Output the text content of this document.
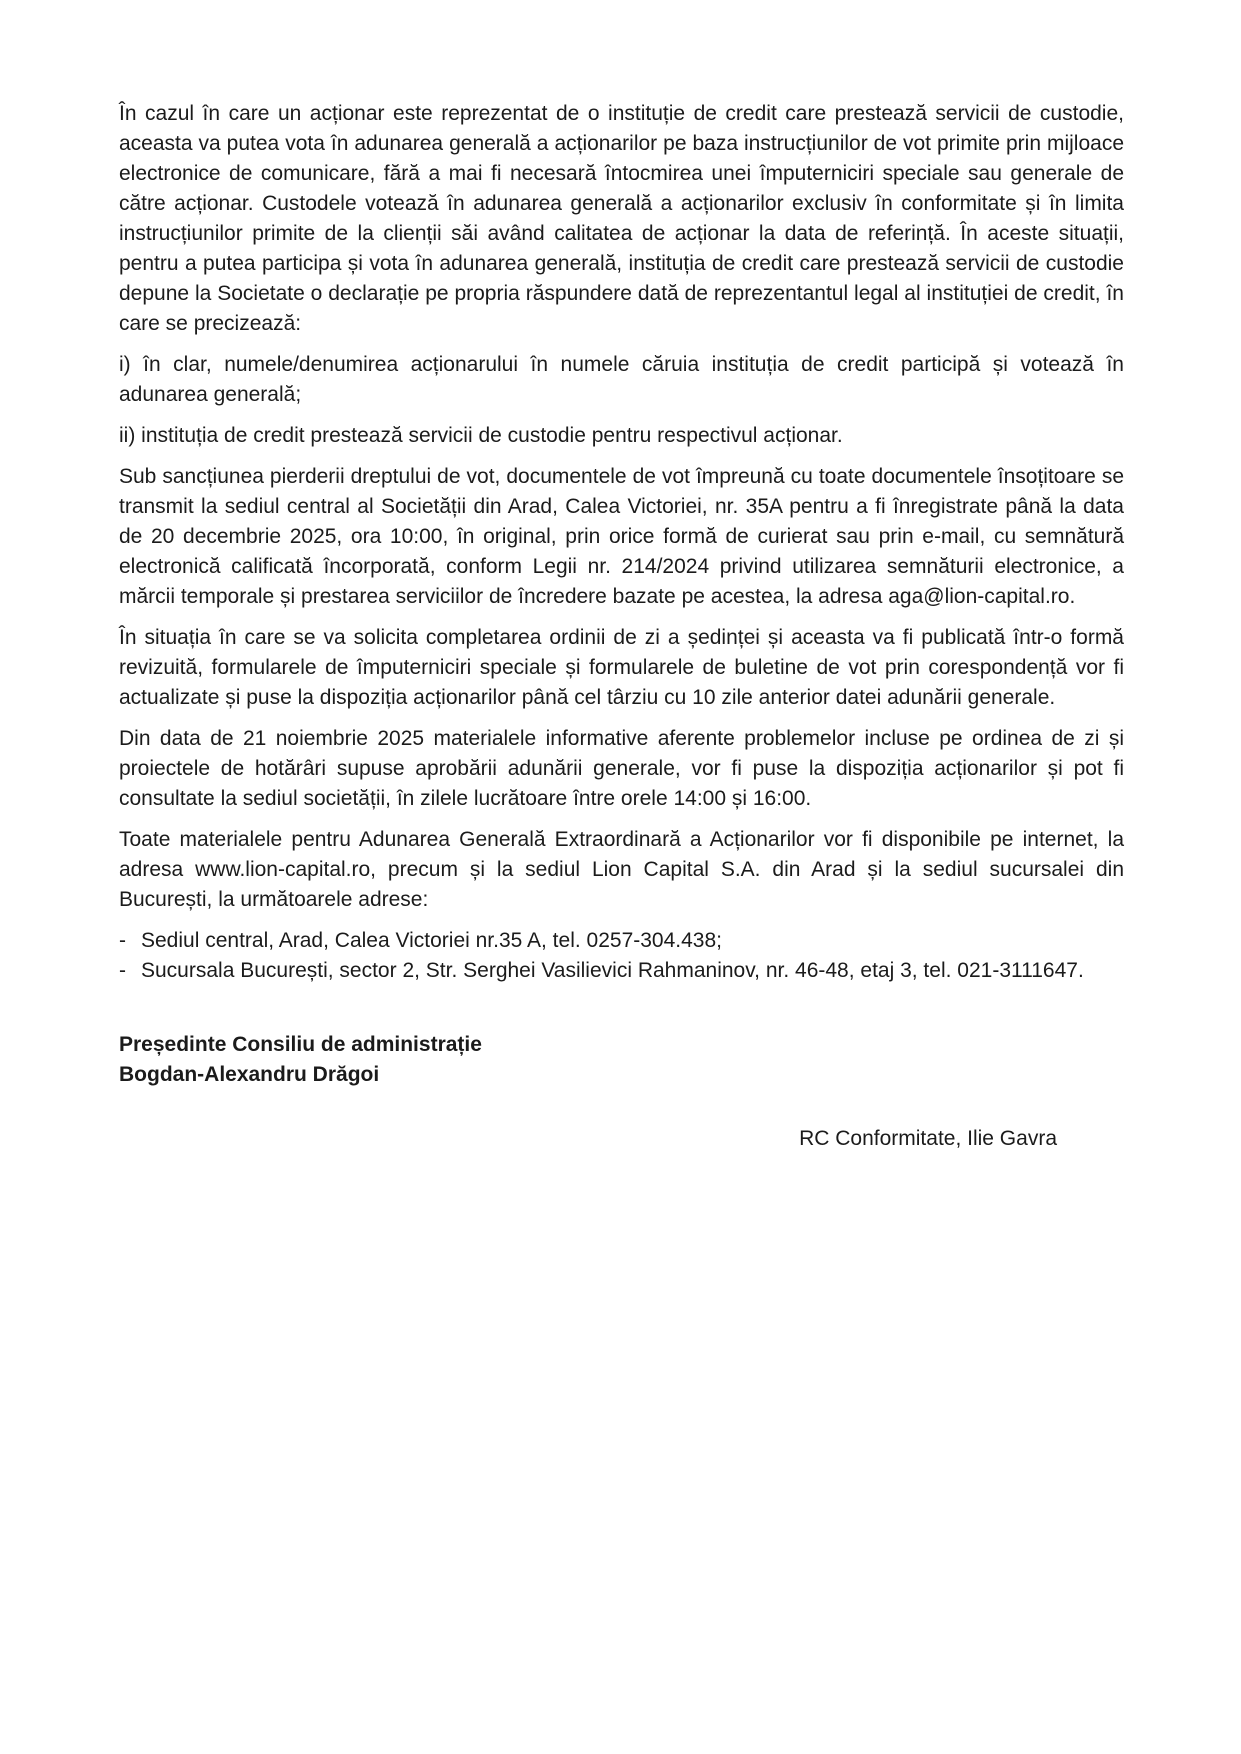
În cazul în care un acționar este reprezentat de o instituție de credit care prestează servicii de custodie, aceasta va putea vota în adunarea generală a acționarilor pe baza instrucțiunilor de vot primite prin mijloace electronice de comunicare, fără a mai fi necesară întocmirea unei împuterniciri speciale sau generale de către acționar. Custodele votează în adunarea generală a acționarilor exclusiv în conformitate și în limita instrucțiunilor primite de la clienții săi având calitatea de acționar la data de referință. În aceste situații, pentru a putea participa și vota în adunarea generală, instituția de credit care prestează servicii de custodie depune la Societate o declarație pe propria răspundere dată de reprezentantul legal al instituției de credit, în care se precizează:

i) în clar, numele/denumirea acționarului în numele căruia instituția de credit participă și votează în adunarea generală;

ii) instituția de credit prestează servicii de custodie pentru respectivul acționar.

Sub sancțiunea pierderii dreptului de vot, documentele de vot împreună cu toate documentele însoțitoare se transmit la sediul central al Societății din Arad, Calea Victoriei, nr. 35A pentru a fi înregistrate până la data de 20 decembrie 2025, ora 10:00, în original, prin orice formă de curierat sau prin e-mail, cu semnătură electronică calificată încorporată, conform Legii nr. 214/2024 privind utilizarea semnăturii electronice, a mărcii temporale și prestarea serviciilor de încredere bazate pe acestea, la adresa aga@lion-capital.ro.

În situația în care se va solicita completarea ordinii de zi a ședinței și aceasta va fi publicată într-o formă revizuită, formularele de împuterniciri speciale și formularele de buletine de vot prin corespondență vor fi actualizate și puse la dispoziția acționarilor până cel târziu cu 10 zile anterior datei adunării generale.

Din data de 21 noiembrie 2025 materialele informative aferente problemelor incluse pe ordinea de zi și proiectele de hotărâri supuse aprobării adunării generale, vor fi puse la dispoziția acționarilor și pot fi consultate la sediul societății, în zilele lucrătoare între orele 14:00 și 16:00.

Toate materialele pentru Adunarea Generală Extraordinară a Acționarilor vor fi disponibile pe internet, la adresa www.lion-capital.ro, precum și la sediul Lion Capital S.A. din Arad și la sediul sucursalei din București, la următoarele adrese:

- Sediul central, Arad, Calea Victoriei nr.35 A, tel. 0257-304.438;
- Sucursala București, sector 2, Str. Serghei Vasilievici Rahmaninov, nr. 46-48, etaj 3, tel. 021-3111647.

Președinte Consiliu de administrație

Bogdan-Alexandru Drăgoi

RC Conformitate, Ilie Gavra
